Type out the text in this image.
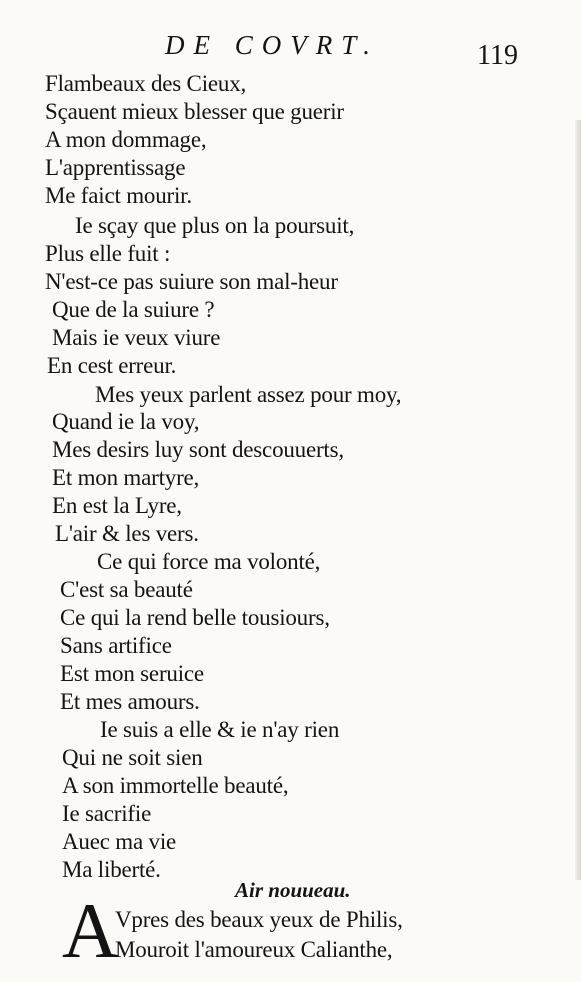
DE COVRT.	119
Flambeaux des Cieux,
Sçauent mieux blesser que guerir
A mon dommage,
L'apprentissage
Me faict mourir.
Ie sçay que plus on la poursuit,
Plus elle fuit :
N'est-ce pas suiure son mal-heur
Que de la suiure ?
Mais ie veux viure
En cest erreur.
Mes yeux parlent assez pour moy,
Quand ie la voy,
Mes desirs luy sont descouuerts,
Et mon martyre,
En est la Lyre,
L'air & les vers.
Ce qui force ma volonté,
C'est sa beauté
Ce qui la rend belle tousiours,
Sans artifice
Est mon seruice
Et mes amours.
Ie suis a elle & ie n'ay rien
Qui ne soit sien
A son immortelle beauté,
Ie sacrifie
Auec ma vie
Ma liberté.
Air nouueau.
A
Vpres des beaux yeux de Philis,
Mouroit l'amoureux Calianthe,
